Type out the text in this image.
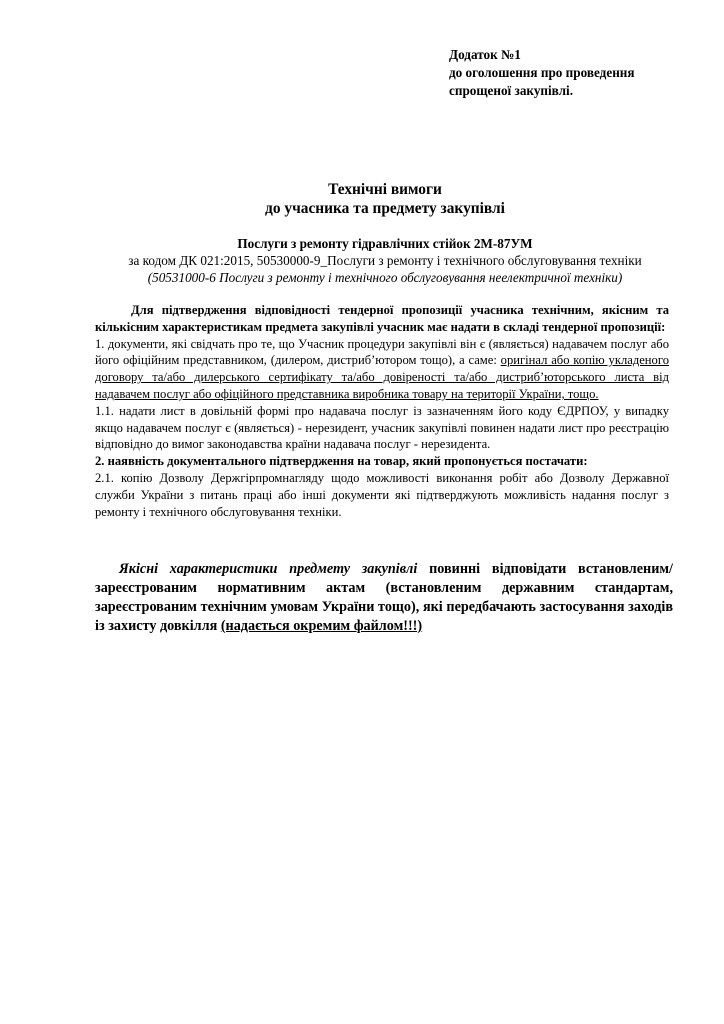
Додаток №1
до оголошення про проведення
спрощеної закупівлі.
Технічні вимоги
до учасника та предмету закупівлі
Послуги з ремонту гідравлічних стійок 2М-87УМ
за кодом ДК 021:2015, 50530000-9_Послуги з ремонту і технічного обслуговування техніки
(50531000-6 Послуги з ремонту і технічного обслуговування неелектричної техніки)

Для підтвердження відповідності тендерної пропозиції учасника технічним, якісним та кількісним характеристикам предмета закупівлі учасник має надати в складі тендерної пропозиції:

1. документи, які свідчать про те, що Учасник процедури закупівлі він є (являється) надавачем послуг або його офіційним представником, (дилером, дистриб’ютором тощо), а саме: оригінал або копію укладеного договору та/або дилерського сертифікату та/або довіреності та/або дистриб’юторського листа від надавачем послуг або офіційного представника виробника товару на території України, тощо.

1.1. надати лист в довільній формі про надавача послуг із зазначенням його коду ЄДРПОУ, у випадку якщо надавачем послуг є (являється) - нерезидент, учасник закупівлі повинен надати лист про реєстрацію відповідно до вимог законодавства країни надавача послуг - нерезидента.

2. наявність документального підтвердження на товар, який пропонується постачати:

2.1. копію Дозволу Держгірпромнагляду щодо можливості виконання робіт або Дозволу Державної служби України з питань праці або інші документи які підтверджують можливість надання послуг з ремонту і технічного обслуговування техніки.

Якісні характеристики предмету закупівлі повинні відповідати встановленим/зареєстрованим нормативним актам (встановленим державним стандартам, зареєстрованим технічним умовам України тощо), які передбачають застосування заходів із захисту довкілля (надається окремим файлом!!!)
